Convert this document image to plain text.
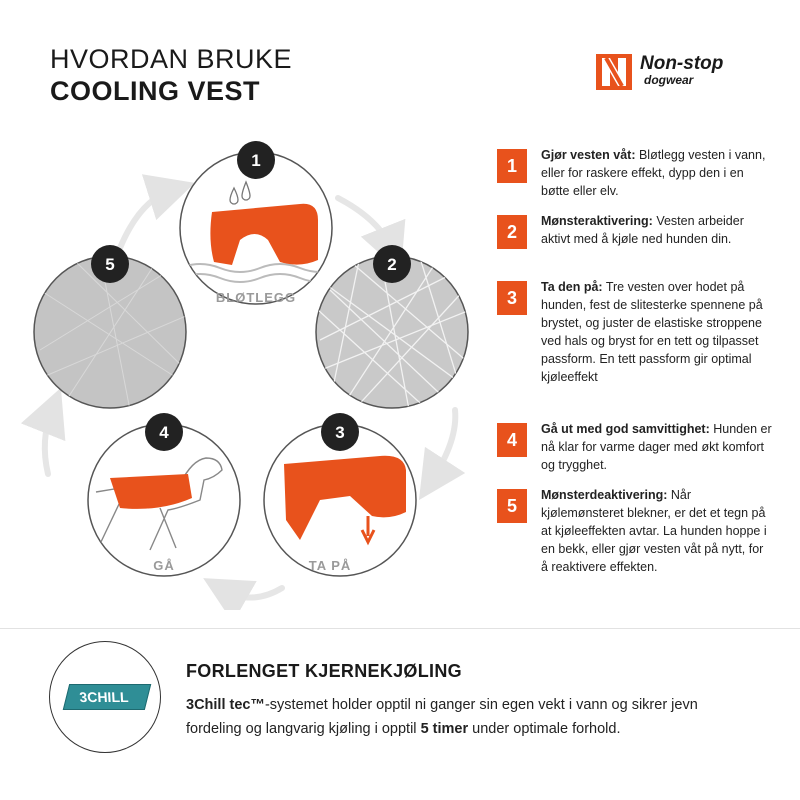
HVORDAN BRUKE
COOLING VEST
Non-stop
dogwear
1
BLØTLEGG
2
3
TA PÅ
4
GÅ
5
1
Gjør vesten våt: Bløtlegg vesten i vann, eller for raskere effekt, dypp den i en bøtte eller elv.
2
Mønsteraktivering: Vesten arbeider aktivt med å kjøle ned hunden din.
3
Ta den på: Tre vesten over hodet på hunden, fest de slitesterke spennene på brystet, og juster de elastiske stroppene ved hals og bryst for en tett og tilpasset passform. En tett passform gir optimal kjøleeffekt
4
Gå ut med god samvittighet: Hunden er nå klar for varme dager med økt komfort og trygghet.
5
Mønsterdeaktivering: Når kjølemønsteret blekner, er det et tegn på at kjøleeffekten avtar. La hunden hoppe i en bekk, eller gjør vesten våt på nytt, for å reaktivere effekten.
3CHILL
$^{TEC}$
FORLENGET KJERNEKJØLING
3Chill tec™-systemet holder opptil ni ganger sin egen vekt i vann og sikrer jevn fordeling og langvarig kjøling i opptil 5 timer under optimale forhold.
